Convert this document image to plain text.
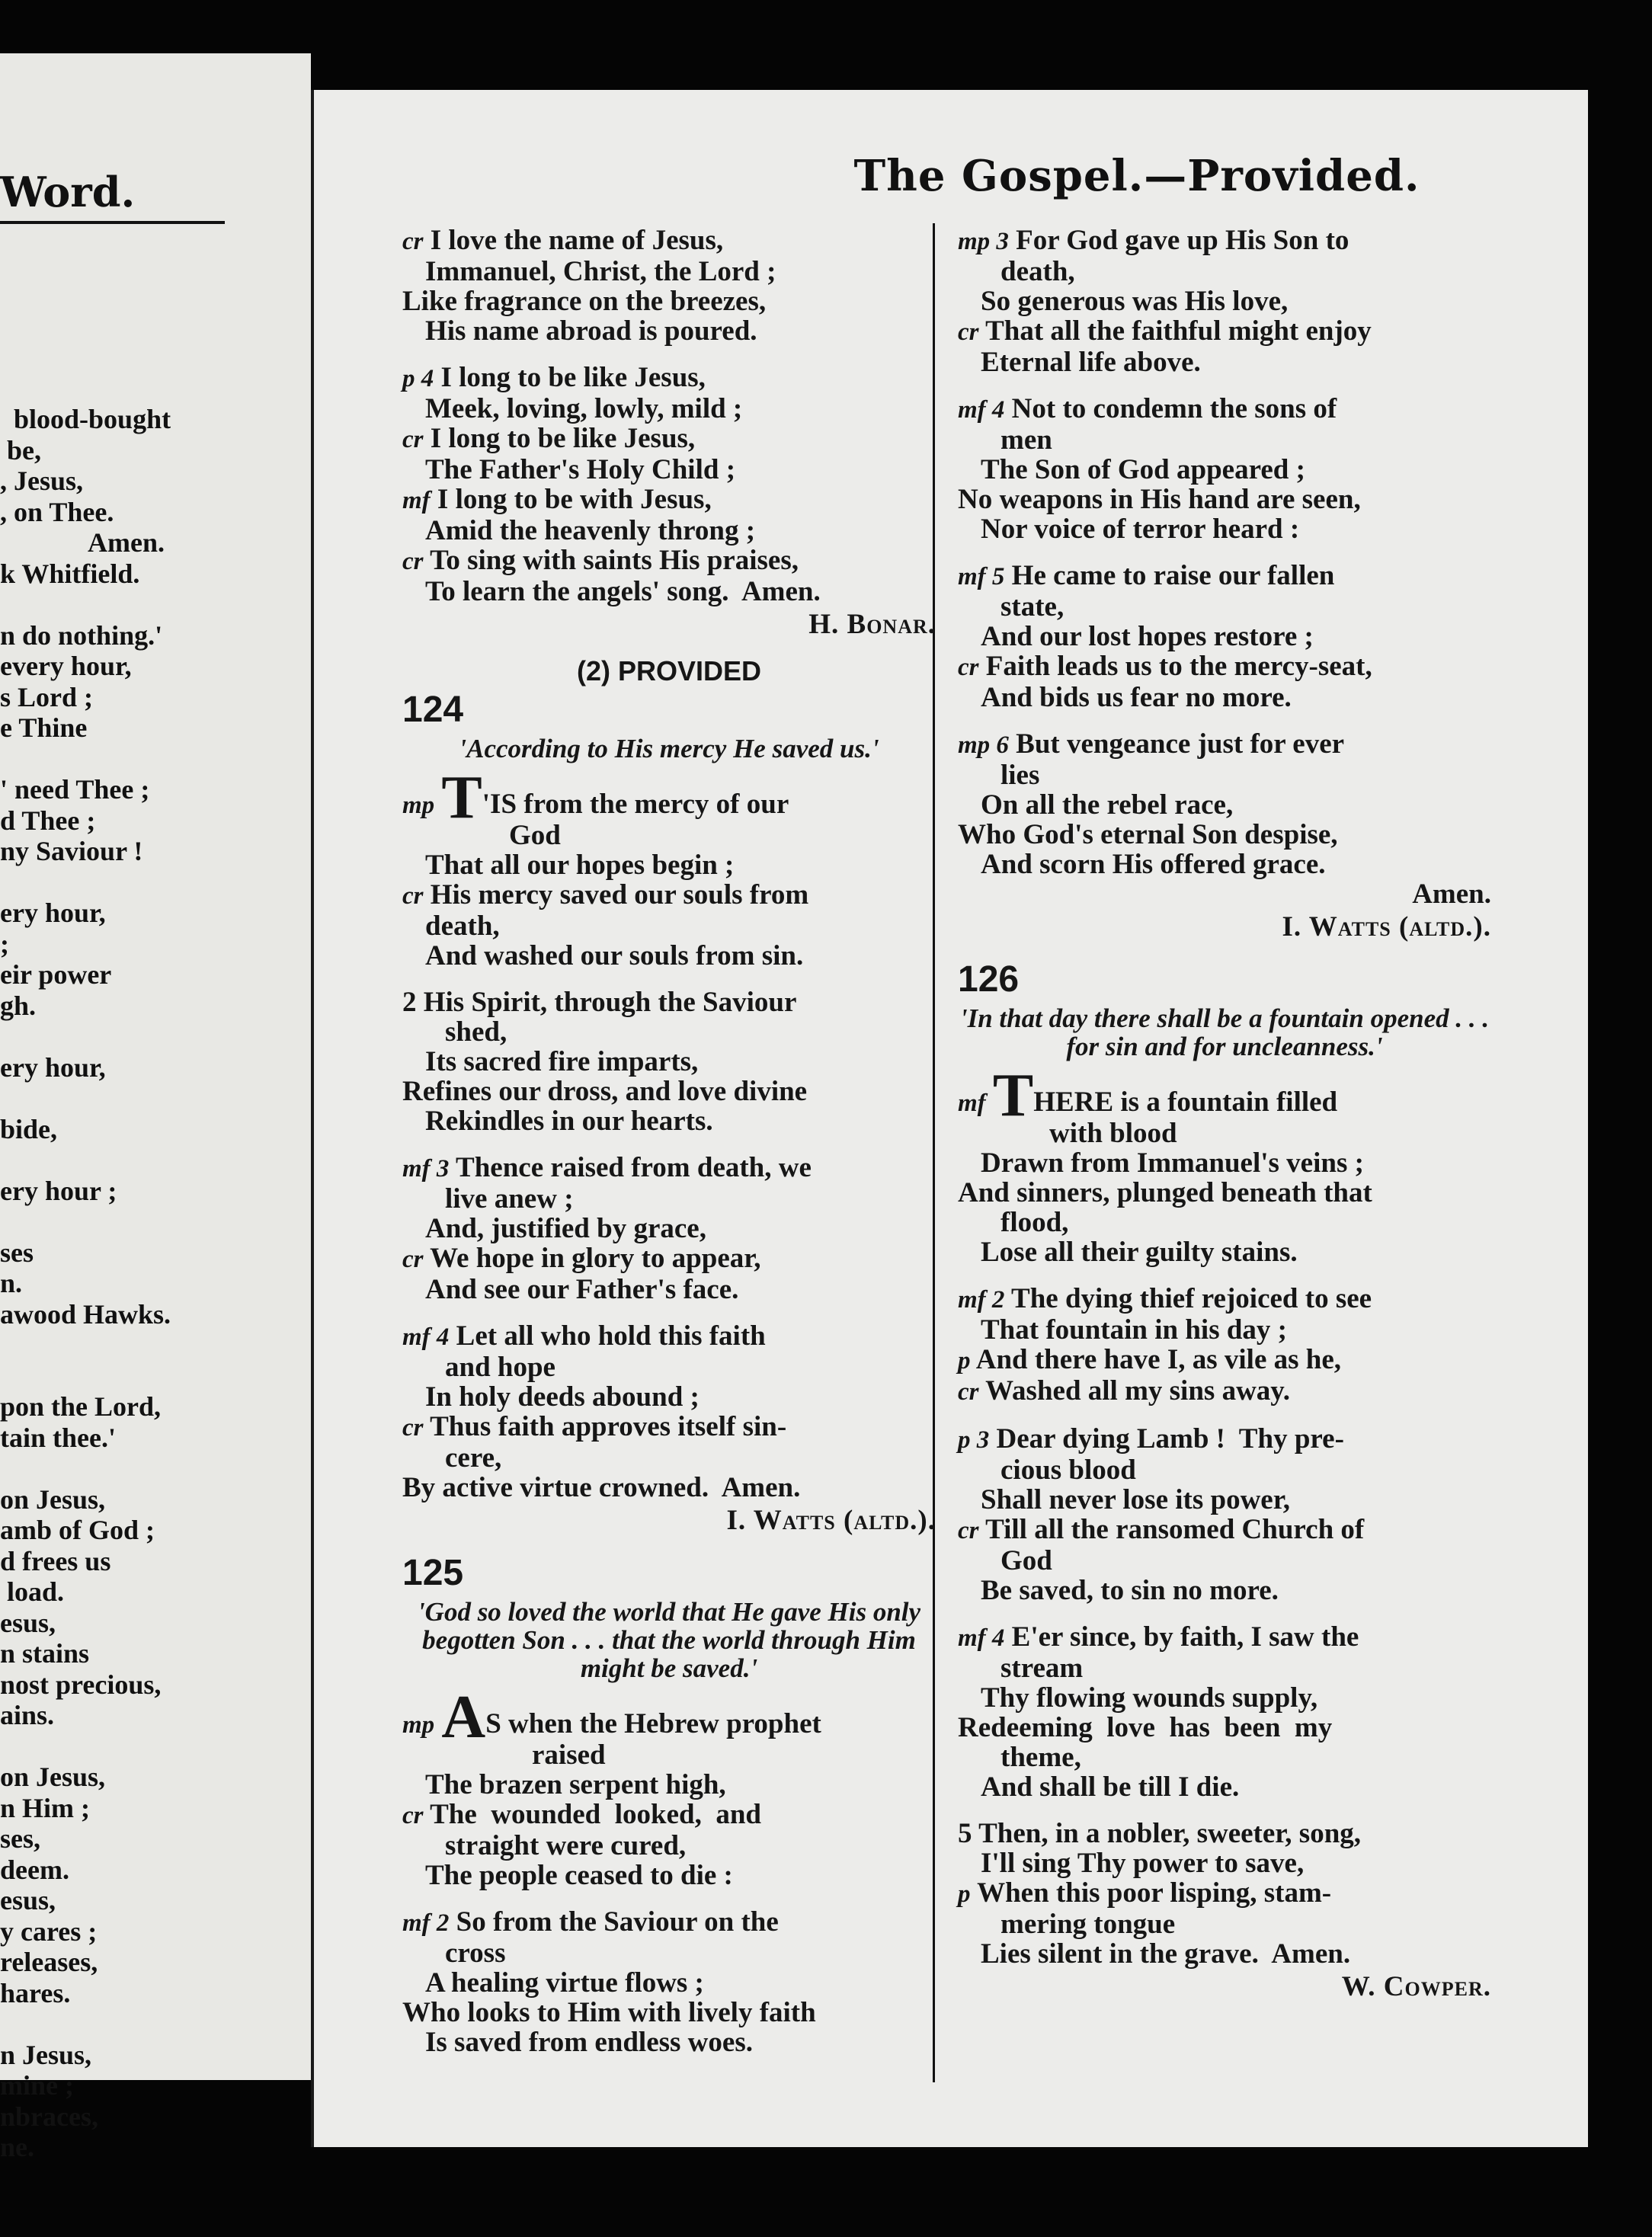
Word.
blood-bought
be,
, Jesus,
, on Thee.
Amen.
k Whitfield.

n do nothing.'
every hour,
s Lord ;
e Thine

' need Thee ;
d Thee ;
ny Saviour !

ery hour,
;
eir power
gh.

ery hour,

bide,

ery hour ;

ses
n.
awood Hawks.

pon the Lord,
tain thee.'

on Jesus,
amb of God ;
d frees us
load.
esus,
n stains
nost precious,
ains.

on Jesus,
n Him ;
ses,
deem.
esus,
y cares ;
releases,
hares.

n Jesus,
mine ;
nbraces,
ne.
The Gospel.—Provided.
cr I love the name of Jesus,
Immanuel, Christ, the Lord ;
Like fragrance on the breezes,
His name abroad is poured.
p 4 I long to be like Jesus,
Meek, loving, lowly, mild ;
cr I long to be like Jesus,
The Father's Holy Child ;
mf I long to be with Jesus,
Amid the heavenly throng ;
cr To sing with saints His praises,
To learn the angels' song.  Amen.
H. Bonar.
(2) PROVIDED
124
'According to His mercy He saved us.'
mp T'IS from the mercy of our
God
That all our hopes begin ;
cr His mercy saved our souls from
death,
And washed our souls from sin.
2 His Spirit, through the Saviour
shed,
Its sacred fire imparts,
Refines our dross, and love divine
Rekindles in our hearts.
mf 3 Thence raised from death, we
live anew ;
And, justified by grace,
cr We hope in glory to appear,
And see our Father's face.
mf 4 Let all who hold this faith
and hope
In holy deeds abound ;
cr Thus faith approves itself sin-
cere,
By active virtue crowned.  Amen.
I. Watts (altd.).
125
'God so loved the world that He gave His only begotten Son . . . that the world through Him might be saved.'
mp AS when the Hebrew prophet
raised
The brazen serpent high,
cr The  wounded  looked,  and
straight were cured,
The people ceased to die :
mf 2 So from the Saviour on the
cross
A healing virtue flows ;
Who looks to Him with lively faith
Is saved from endless woes.
mp 3 For God gave up His Son to
death,
So generous was His love,
cr That all the faithful might enjoy
Eternal life above.
mf 4 Not to condemn the sons of
men
The Son of God appeared ;
No weapons in His hand are seen,
Nor voice of terror heard :
mf 5 He came to raise our fallen
state,
And our lost hopes restore ;
cr Faith leads us to the mercy-seat,
And bids us fear no more.
mp 6 But vengeance just for ever
lies
On all the rebel race,
Who God's eternal Son despise,
And scorn His offered grace.
Amen.
I. Watts (altd.).
126
'In that day there shall be a fountain opened . . . for sin and for uncleanness.'
mf THERE is a fountain filled
with blood
Drawn from Immanuel's veins ;
And sinners, plunged beneath that
flood,
Lose all their guilty stains.
mf 2 The dying thief rejoiced to see
That fountain in his day ;
p And there have I, as vile as he,
cr Washed all my sins away.
p 3 Dear dying Lamb !  Thy pre-
cious blood
Shall never lose its power,
cr Till all the ransomed Church of
God
Be saved, to sin no more.
mf 4 E'er since, by faith, I saw the
stream
Thy flowing wounds supply,
Redeeming  love  has  been  my
theme,
And shall be till I die.
5 Then, in a nobler, sweeter, song,
I'll sing Thy power to save,
p When this poor lisping, stam-
mering tongue
Lies silent in the grave.  Amen.
W. Cowper.
